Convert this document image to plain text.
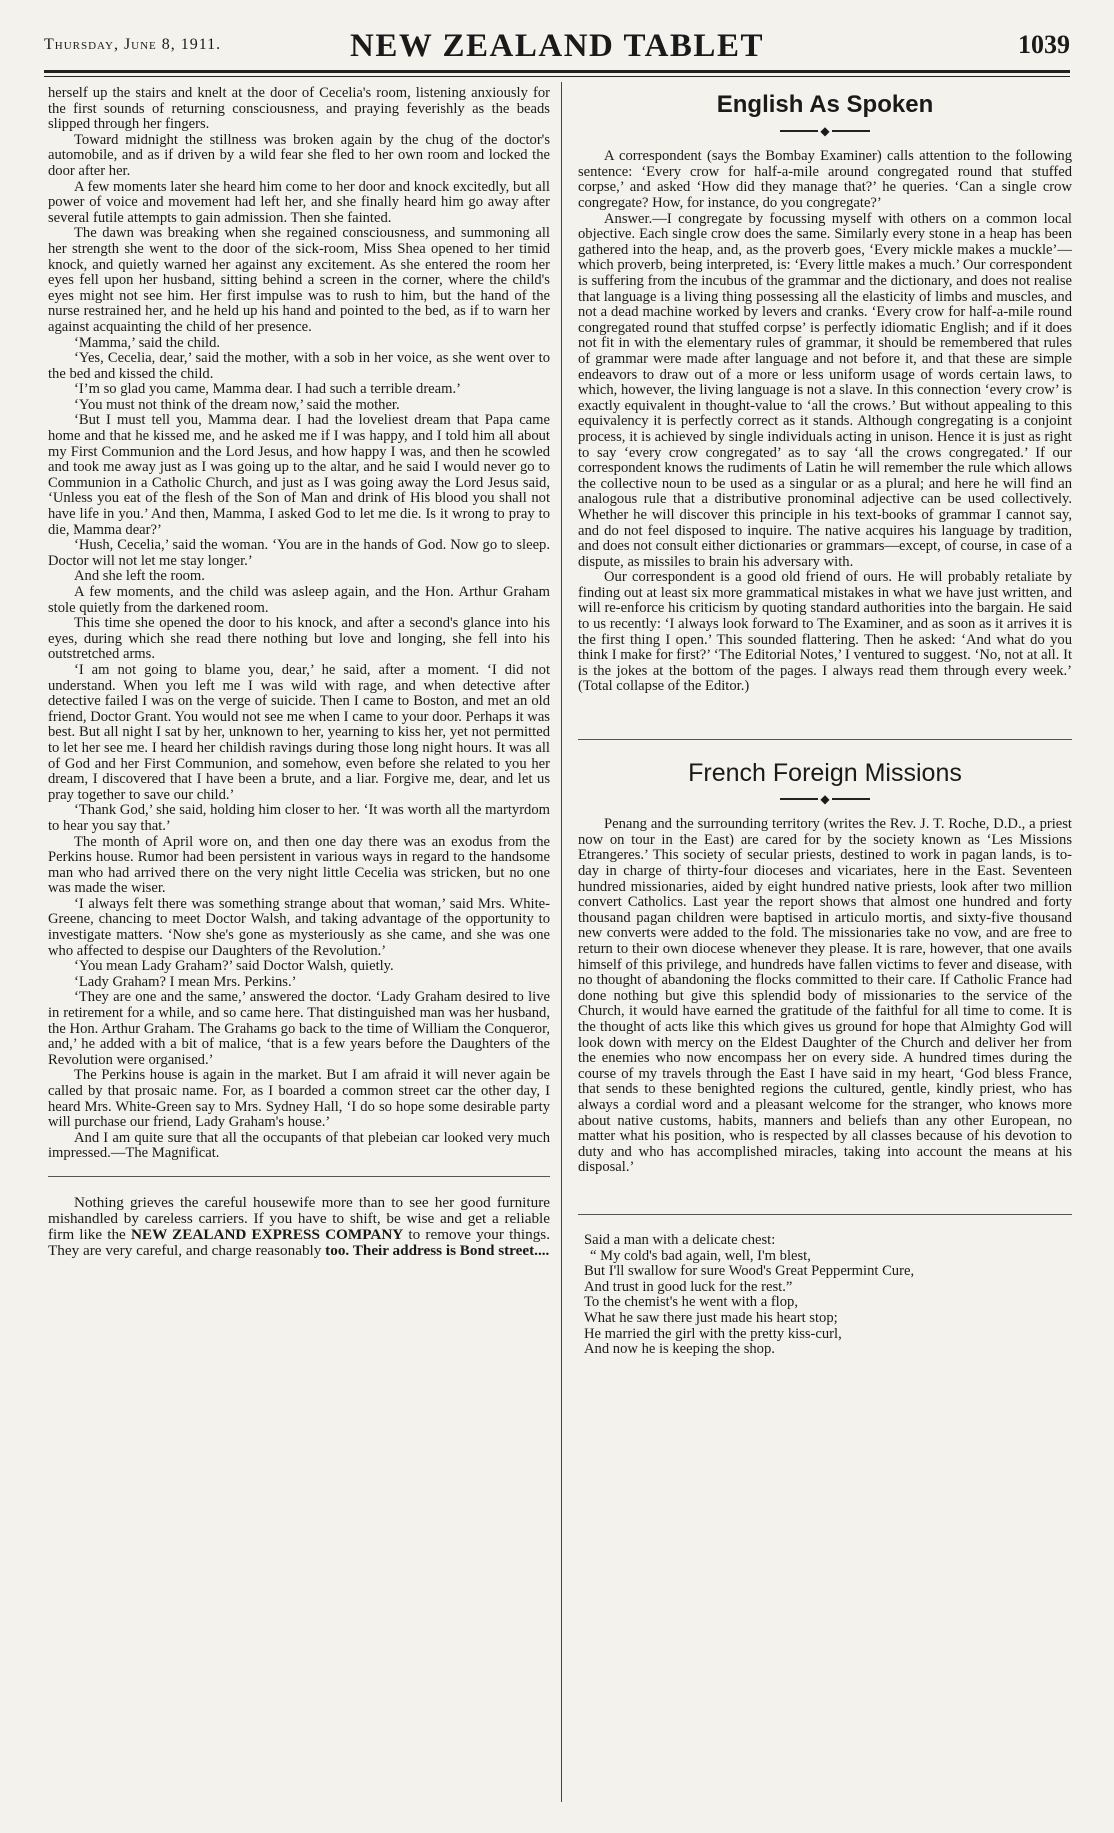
Thursday, June 8, 1911.	NEW ZEALAND TABLET	1039

herself up the stairs and knelt at the door of Cecelia's room, listening anxiously for the first sounds of returning consciousness, and praying feverishly as the beads slipped through her fingers.

Toward midnight the stillness was broken again by the chug of the doctor's automobile, and as if driven by a wild fear she fled to her own room and locked the door after her.

A few moments later she heard him come to her door and knock excitedly, but all power of voice and movement had left her, and she finally heard him go away after several futile attempts to gain admission. Then she fainted.

The dawn was breaking when she regained consciousness, and summoning all her strength she went to the door of the sick-room, Miss Shea opened to her timid knock, and quietly warned her against any excitement. As she entered the room her eyes fell upon her husband, sitting behind a screen in the corner, where the child's eyes might not see him. Her first impulse was to rush to him, but the hand of the nurse restrained her, and he held up his hand and pointed to the bed, as if to warn her against acquainting the child of her presence.

‘Mamma,’ said the child.

‘Yes, Cecelia, dear,’ said the mother, with a sob in her voice, as she went over to the bed and kissed the child.

‘I’m so glad you came, Mamma dear. I had such a terrible dream.’

‘You must not think of the dream now,’ said the mother.

‘But I must tell you, Mamma dear. I had the loveliest dream that Papa came home and that he kissed me, and he asked me if I was happy, and I told him all about my First Communion and the Lord Jesus, and how happy I was, and then he scowled and took me away just as I was going up to the altar, and he said I would never go to Communion in a Catholic Church, and just as I was going away the Lord Jesus said, ‘Unless you eat of the flesh of the Son of Man and drink of His blood you shall not have life in you.’ And then, Mamma, I asked God to let me die. Is it wrong to pray to die, Mamma dear?’

‘Hush, Cecelia,’ said the woman. ‘You are in the hands of God. Now go to sleep. Doctor will not let me stay longer.’

And she left the room.

A few moments, and the child was asleep again, and the Hon. Arthur Graham stole quietly from the darkened room.

This time she opened the door to his knock, and after a second's glance into his eyes, during which she read there nothing but love and longing, she fell into his outstretched arms.

‘I am not going to blame you, dear,’ he said, after a moment. ‘I did not understand. When you left me I was wild with rage, and when detective after detective failed I was on the verge of suicide. Then I came to Boston, and met an old friend, Doctor Grant. You would not see me when I came to your door. Perhaps it was best. But all night I sat by her, unknown to her, yearning to kiss her, yet not permitted to let her see me. I heard her childish ravings during those long night hours. It was all of God and her First Communion, and somehow, even before she related to you her dream, I discovered that I have been a brute, and a liar. Forgive me, dear, and let us pray together to save our child.’

‘Thank God,’ she said, holding him closer to her. ‘It was worth all the martyrdom to hear you say that.’

The month of April wore on, and then one day there was an exodus from the Perkins house. Rumor had been persistent in various ways in regard to the handsome man who had arrived there on the very night little Cecelia was stricken, but no one was made the wiser.

‘I always felt there was something strange about that woman,’ said Mrs. White-Greene, chancing to meet Doctor Walsh, and taking advantage of the opportunity to investigate matters. ‘Now she's gone as mysteriously as she came, and she was one who affected to despise our Daughters of the Revolution.’

‘You mean Lady Graham?’ said Doctor Walsh, quietly.

‘Lady Graham? I mean Mrs. Perkins.’

‘They are one and the same,’ answered the doctor. ‘Lady Graham desired to live in retirement for a while, and so came here. That distinguished man was her husband, the Hon. Arthur Graham. The Grahams go back to the time of William the Conqueror, and,’ he added with a bit of malice, ‘that is a few years before the Daughters of the Revolution were organised.’

The Perkins house is again in the market. But I am afraid it will never again be called by that prosaic name. For, as I boarded a common street car the other day, I heard Mrs. White-Green say to Mrs. Sydney Hall, ‘I do so hope some desirable party will purchase our friend, Lady Graham's house.’

And I am quite sure that all the occupants of that plebeian car looked very much impressed.—The Magnificat.

Nothing grieves the careful housewife more than to see her good furniture mishandled by careless carriers. If you have to shift, be wise and get a reliable firm like the NEW ZEALAND EXPRESS COMPANY to remove your things. They are very careful, and charge reasonably too. Their address is Bond street....

English As Spoken
◆

A correspondent (says the Bombay Examiner) calls attention to the following sentence: ‘Every crow for half-a-mile around congregated round that stuffed corpse,’ and asked ‘How did they manage that?’ he queries. ‘Can a single crow congregate? How, for instance, do you congregate?’

Answer.—I congregate by focussing myself with others on a common local objective. Each single crow does the same. Similarly every stone in a heap has been gathered into the heap, and, as the proverb goes, ‘Every mickle makes a muckle’—which proverb, being interpreted, is: ‘Every little makes a much.’ Our correspondent is suffering from the incubus of the grammar and the dictionary, and does not realise that language is a living thing possessing all the elasticity of limbs and muscles, and not a dead machine worked by levers and cranks. ‘Every crow for half-a-mile round congregated round that stuffed corpse’ is perfectly idiomatic English; and if it does not fit in with the elementary rules of grammar, it should be remembered that rules of grammar were made after language and not before it, and that these are simple endeavors to draw out of a more or less uniform usage of words certain laws, to which, however, the living language is not a slave. In this connection ‘every crow’ is exactly equivalent in thought-value to ‘all the crows.’ But without appealing to this equivalency it is perfectly correct as it stands. Although congregating is a conjoint process, it is achieved by single individuals acting in unison. Hence it is just as right to say ‘every crow congregated’ as to say ‘all the crows congregated.’ If our correspondent knows the rudiments of Latin he will remember the rule which allows the collective noun to be used as a singular or as a plural; and here he will find an analogous rule that a distributive pronominal adjective can be used collectively. Whether he will discover this principle in his text-books of grammar I cannot say, and do not feel disposed to inquire. The native acquires his language by tradition, and does not consult either dictionaries or grammars—except, of course, in case of a dispute, as missiles to brain his adversary with.

Our correspondent is a good old friend of ours. He will probably retaliate by finding out at least six more grammatical mistakes in what we have just written, and will re-enforce his criticism by quoting standard authorities into the bargain. He said to us recently: ‘I always look forward to The Examiner, and as soon as it arrives it is the first thing I open.’ This sounded flattering. Then he asked: ‘And what do you think I make for first?’ ‘The Editorial Notes,’ I ventured to suggest. ‘No, not at all. It is the jokes at the bottom of the pages. I always read them through every week.’ (Total collapse of the Editor.)

French Foreign Missions
◆

Penang and the surrounding territory (writes the Rev. J. T. Roche, D.D., a priest now on tour in the East) are cared for by the society known as ‘Les Missions Etrangeres.’ This society of secular priests, destined to work in pagan lands, is to-day in charge of thirty-four dioceses and vicariates, here in the East. Seventeen hundred missionaries, aided by eight hundred native priests, look after two million convert Catholics. Last year the report shows that almost one hundred and forty thousand pagan children were baptised in articulo mortis, and sixty-five thousand new converts were added to the fold. The missionaries take no vow, and are free to return to their own diocese whenever they please. It is rare, however, that one avails himself of this privilege, and hundreds have fallen victims to fever and disease, with no thought of abandoning the flocks committed to their care. If Catholic France had done nothing but give this splendid body of missionaries to the service of the Church, it would have earned the gratitude of the faithful for all time to come. It is the thought of acts like this which gives us ground for hope that Almighty God will look down with mercy on the Eldest Daughter of the Church and deliver her from the enemies who now encompass her on every side. A hundred times during the course of my travels through the East I have said in my heart, ‘God bless France, that sends to these benighted regions the cultured, gentle, kindly priest, who has always a cordial word and a pleasant welcome for the stranger, who knows more about native customs, habits, manners and beliefs than any other European, no matter what his position, who is respected by all classes because of his devotion to duty and who has accomplished miracles, taking into account the means at his disposal.’

Said a man with a delicate chest:

“ My cold's bad again, well, I'm blest,

But I'll swallow for sure Wood's Great Peppermint Cure,

And trust in good luck for the rest.”

To the chemist's he went with a flop,

What he saw there just made his heart stop;

He married the girl with the pretty kiss-curl,

And now he is keeping the shop.
